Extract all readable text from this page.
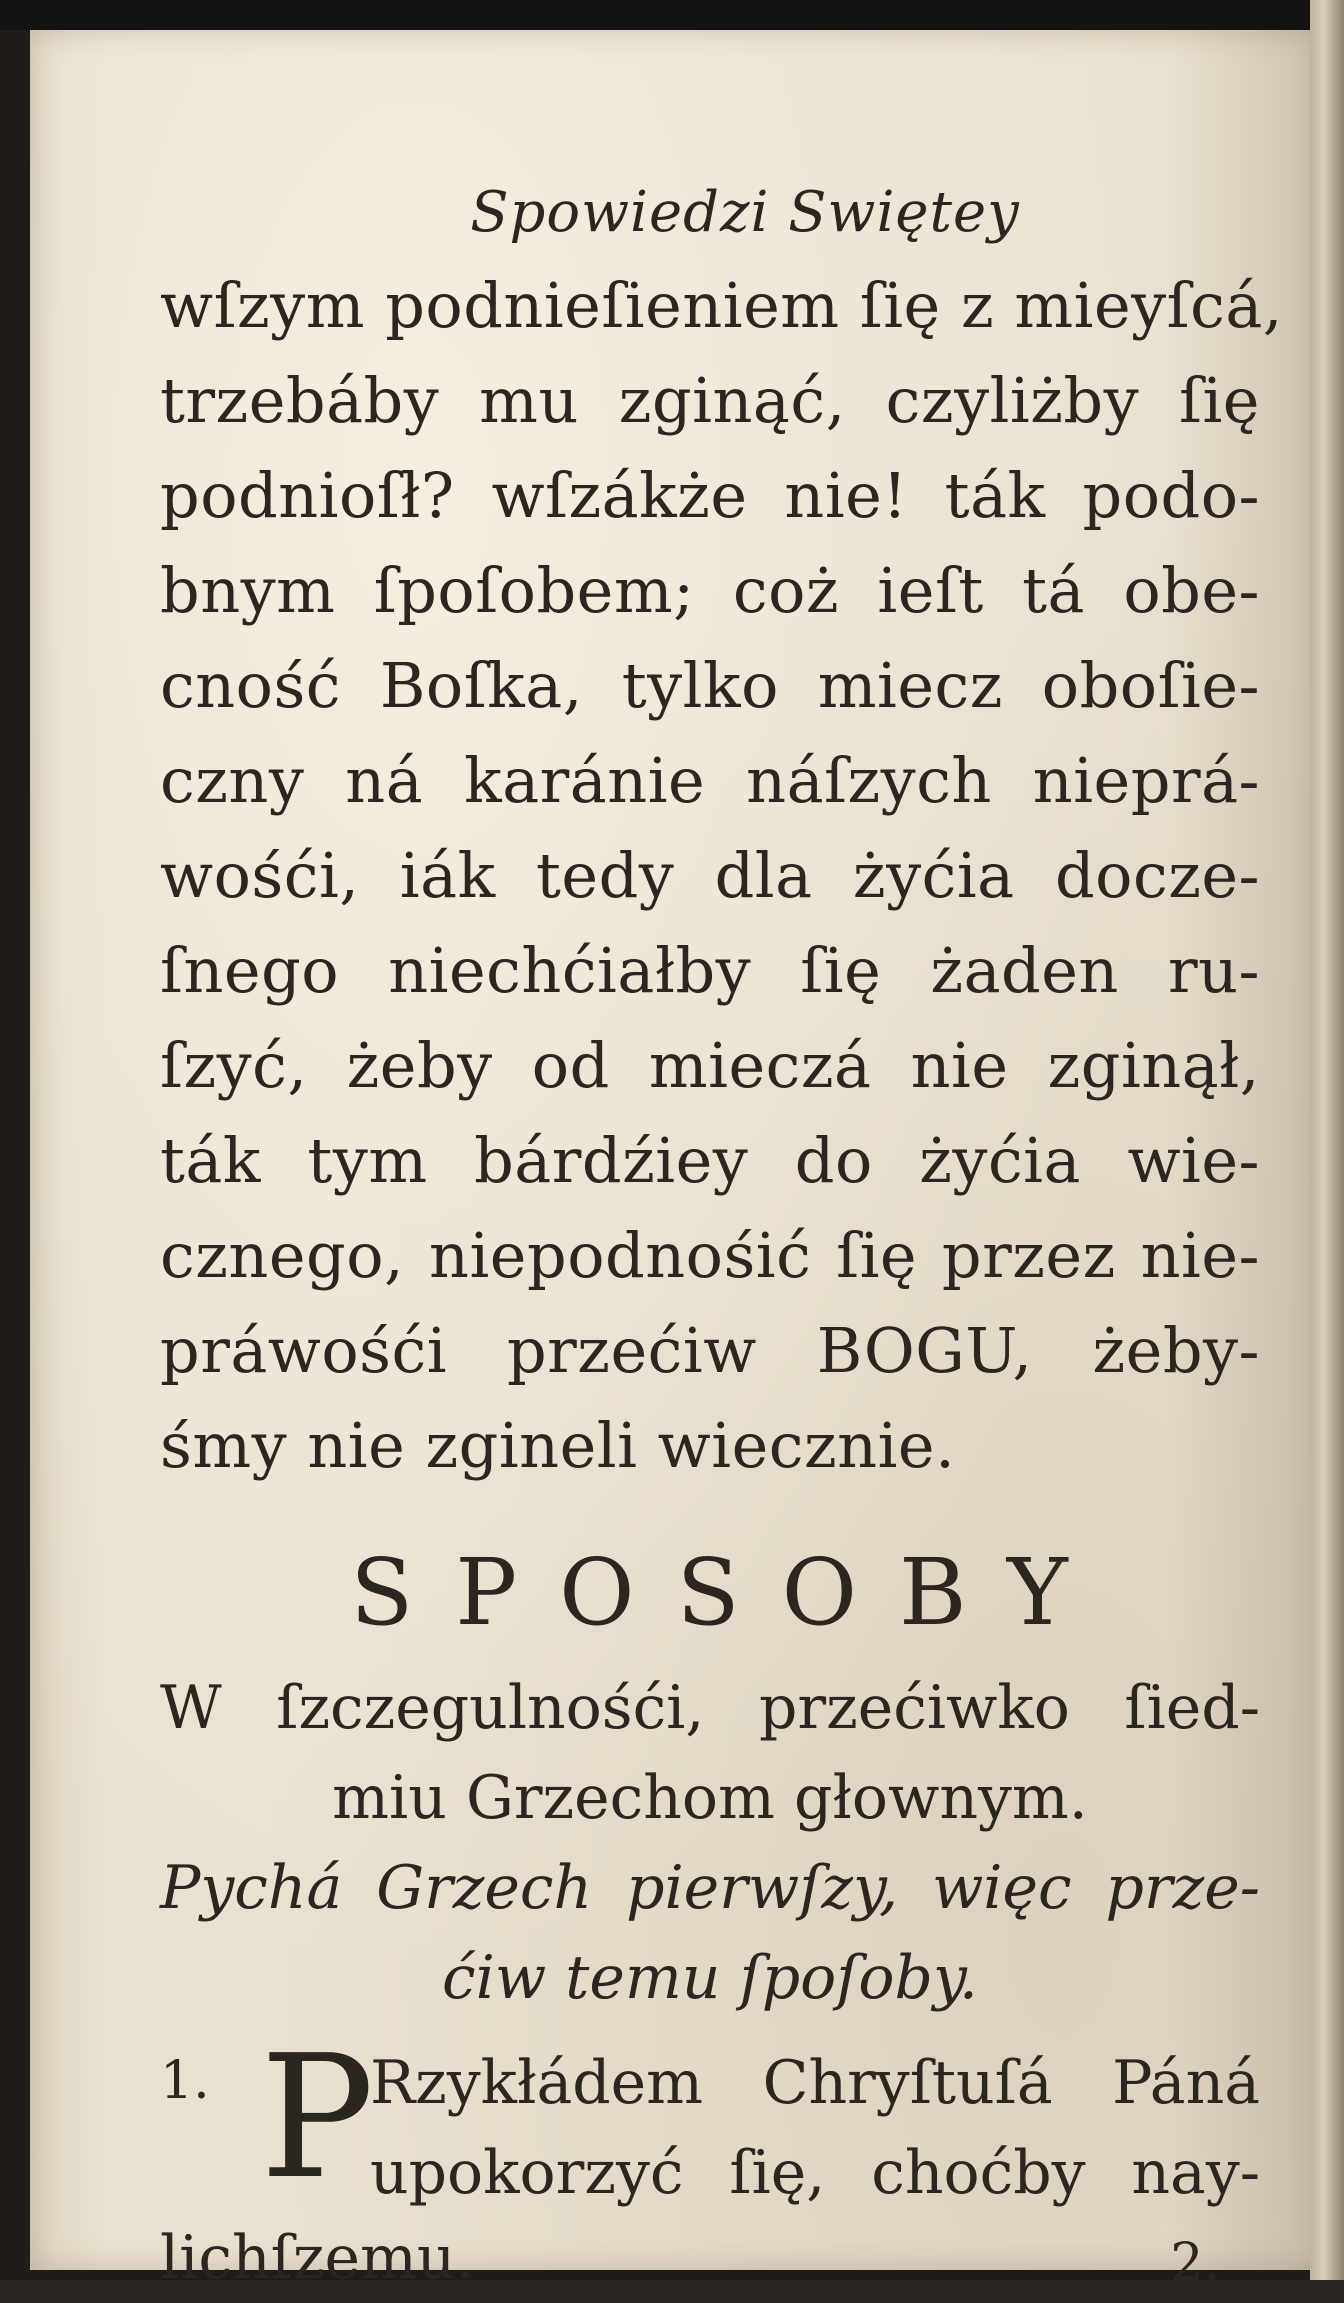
Spowiedzi Swiętey
wſzym podnieſieniem ſię z mieyſcá,
trzebáby mu zginąć, czyliżby ſię
podnioſł? wſzákże nie! ták podo-
bnym ſpoſobem; coż ieſt tá obe-
cność Boſka, tylko miecz oboſie-
czny ná karánie náſzych nieprá-
wośći, iák tedy dla żyćia docze-
ſnego niechćiałby ſię żaden ru-
ſzyć, żeby od mieczá nie zginął,
ták tym bárdźiey do żyćia wie-
cznego, niepodnośić ſię przez nie-
práwośći przećiw BOGU, żeby-
śmy nie zgineli wiecznie.
SPOSOBY
W ſzczegulnośći, przećiwko ſied-
miu Grzechom głownym.
Pychá Grzech pierwſzy, więc prze-
ćiw temu ſpoſoby.
1. P
Rzykłádem Chryſtuſá Páná
upokorzyć ſię, choćby nay-
lichſzemu.	2.
